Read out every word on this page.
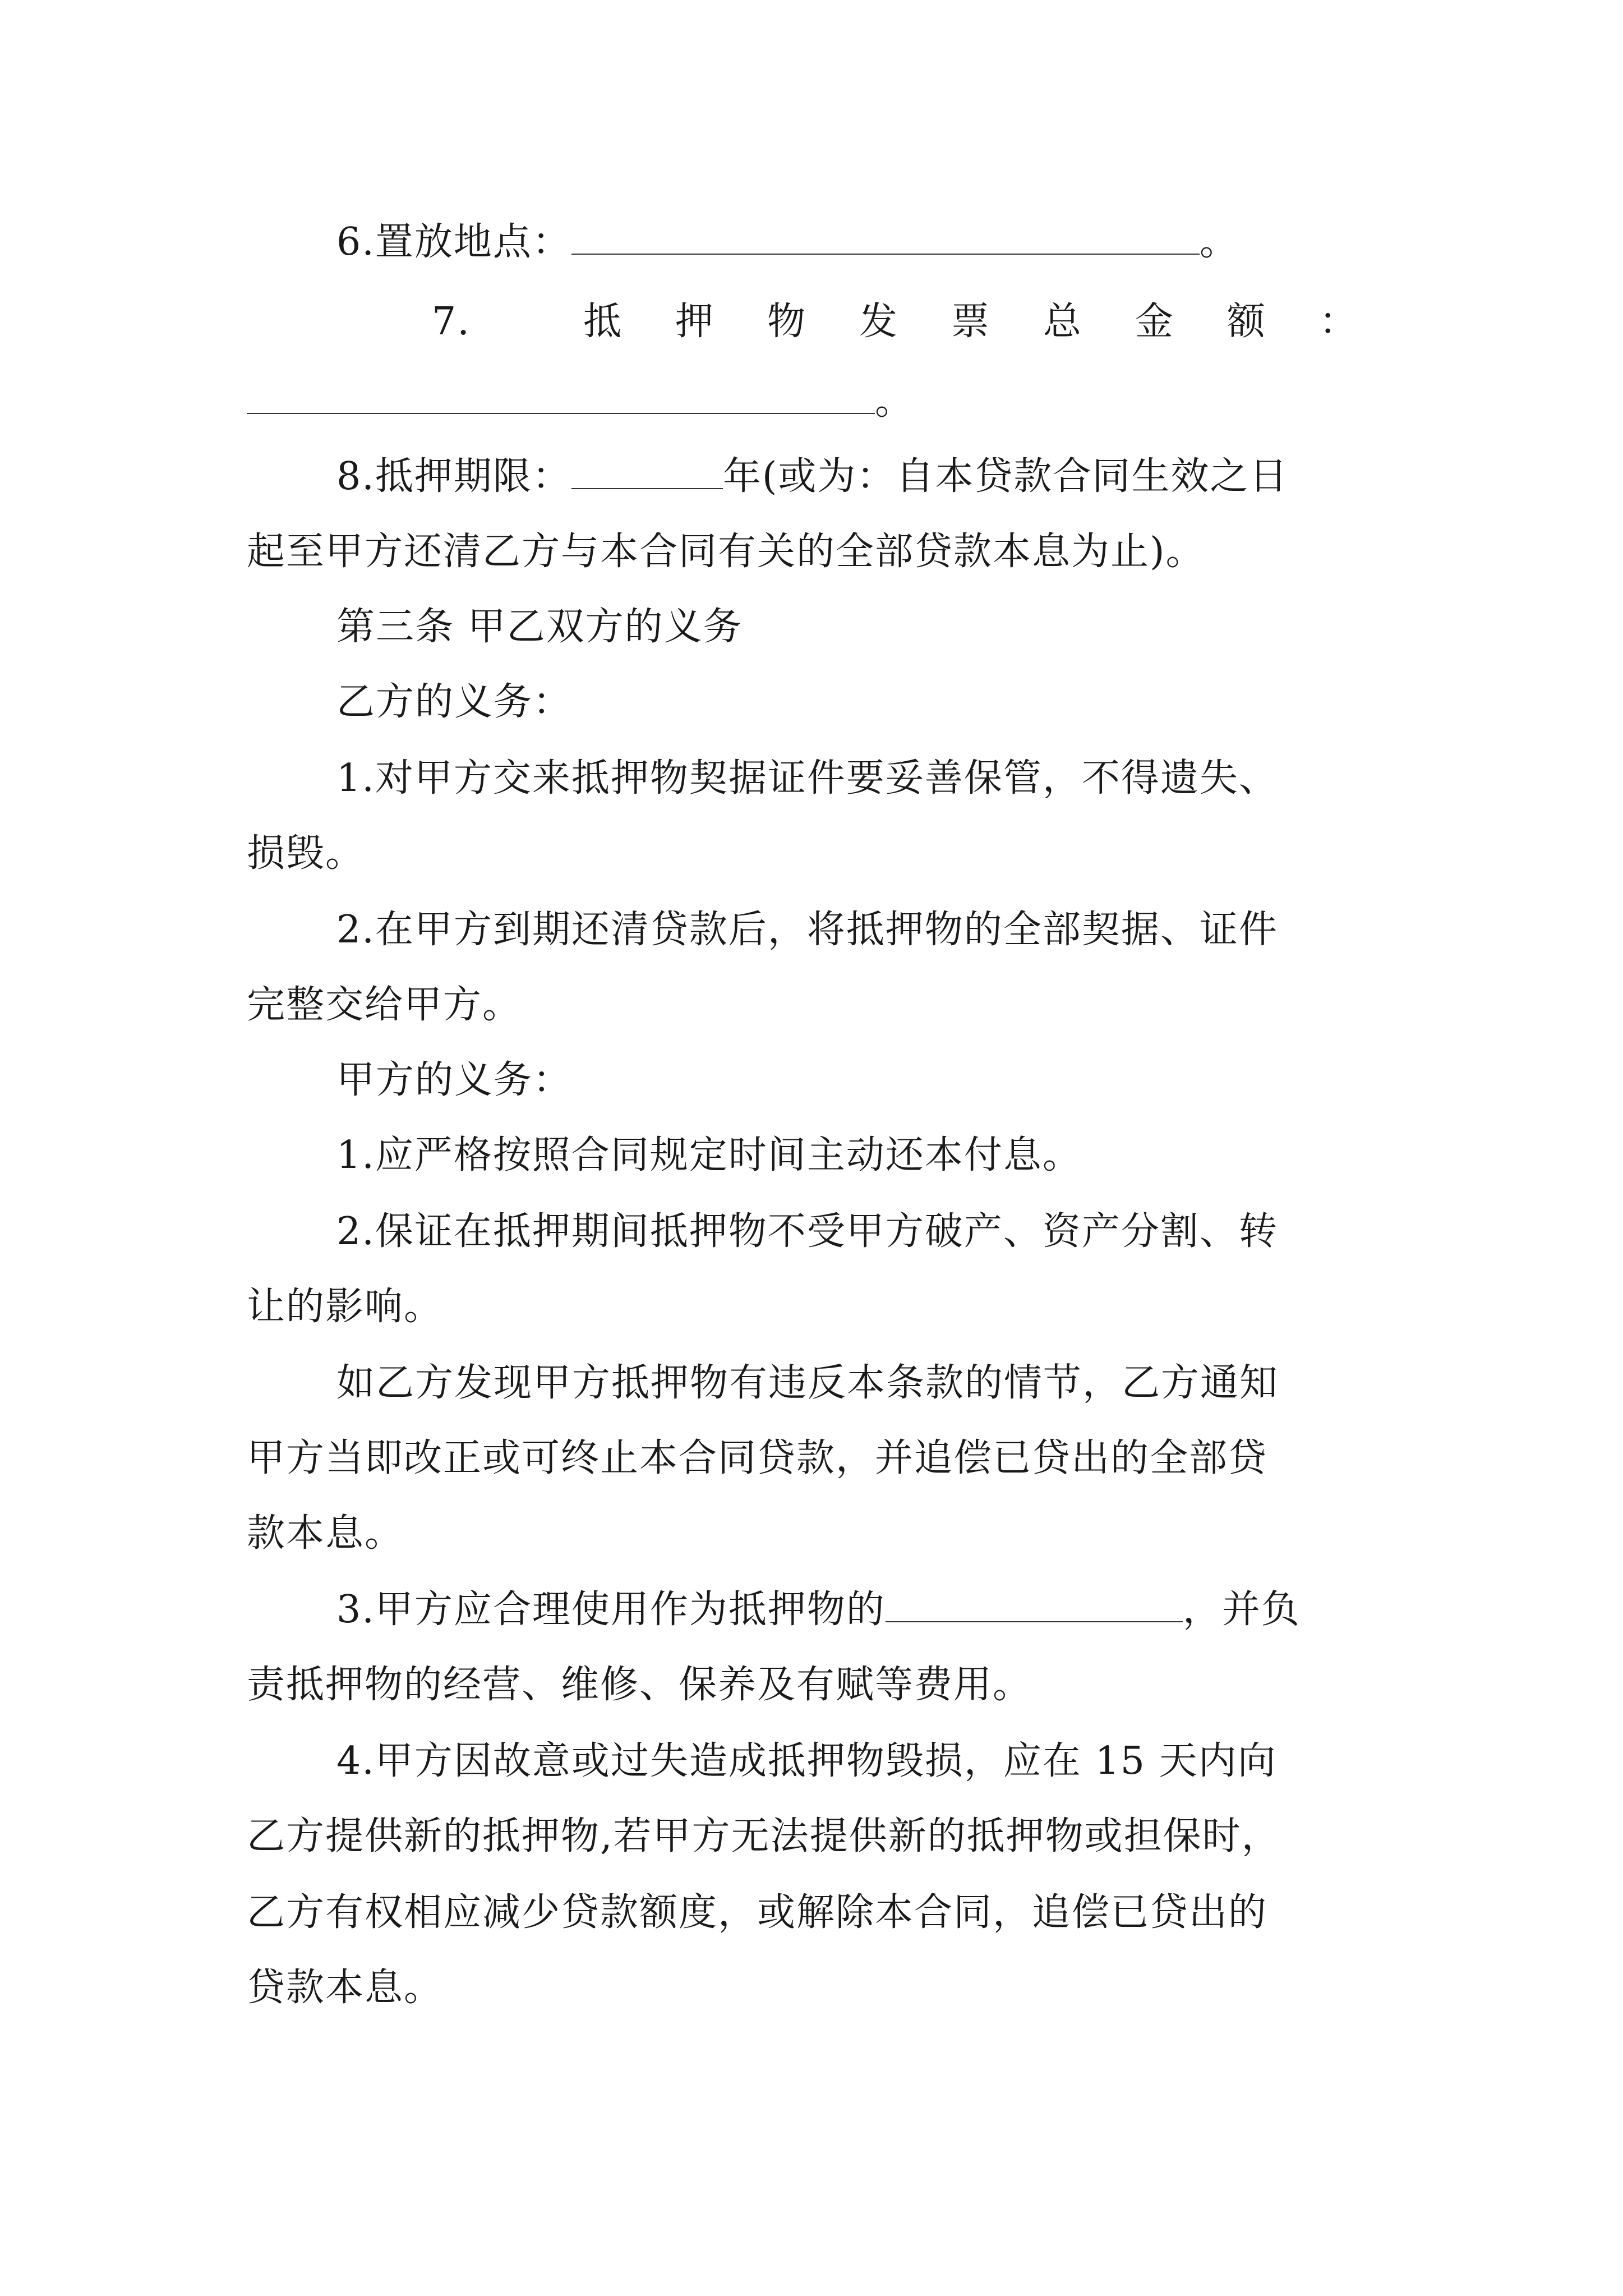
6.置放地点：	。
7.	抵 押 物 发 票 总 金 额 ：
。
8.抵押期限：	年(或为：自本贷款合同生效之日
起至甲方还清乙方与本合同有关的全部贷款本息为止)。
第三条 甲乙双方的义务
乙方的义务：
1.对甲方交来抵押物契据证件要妥善保管，不得遗失、
损毁。
2.在甲方到期还清贷款后，将抵押物的全部契据、证件
完整交给甲方。
甲方的义务：
1.应严格按照合同规定时间主动还本付息。
2.保证在抵押期间抵押物不受甲方破产、资产分割、转
让的影响。
如乙方发现甲方抵押物有违反本条款的情节，乙方通知
甲方当即改正或可终止本合同贷款，并追偿已贷出的全部贷
款本息。
3.甲方应合理使用作为抵押物的	，并负
责抵押物的经营、维修、保养及有赋等费用。
4.甲方因故意或过失造成抵押物毁损，应在 15 天内向
乙方提供新的抵押物,若甲方无法提供新的抵押物或担保时，
乙方有权相应减少贷款额度，或解除本合同，追偿已贷出的
贷款本息。
